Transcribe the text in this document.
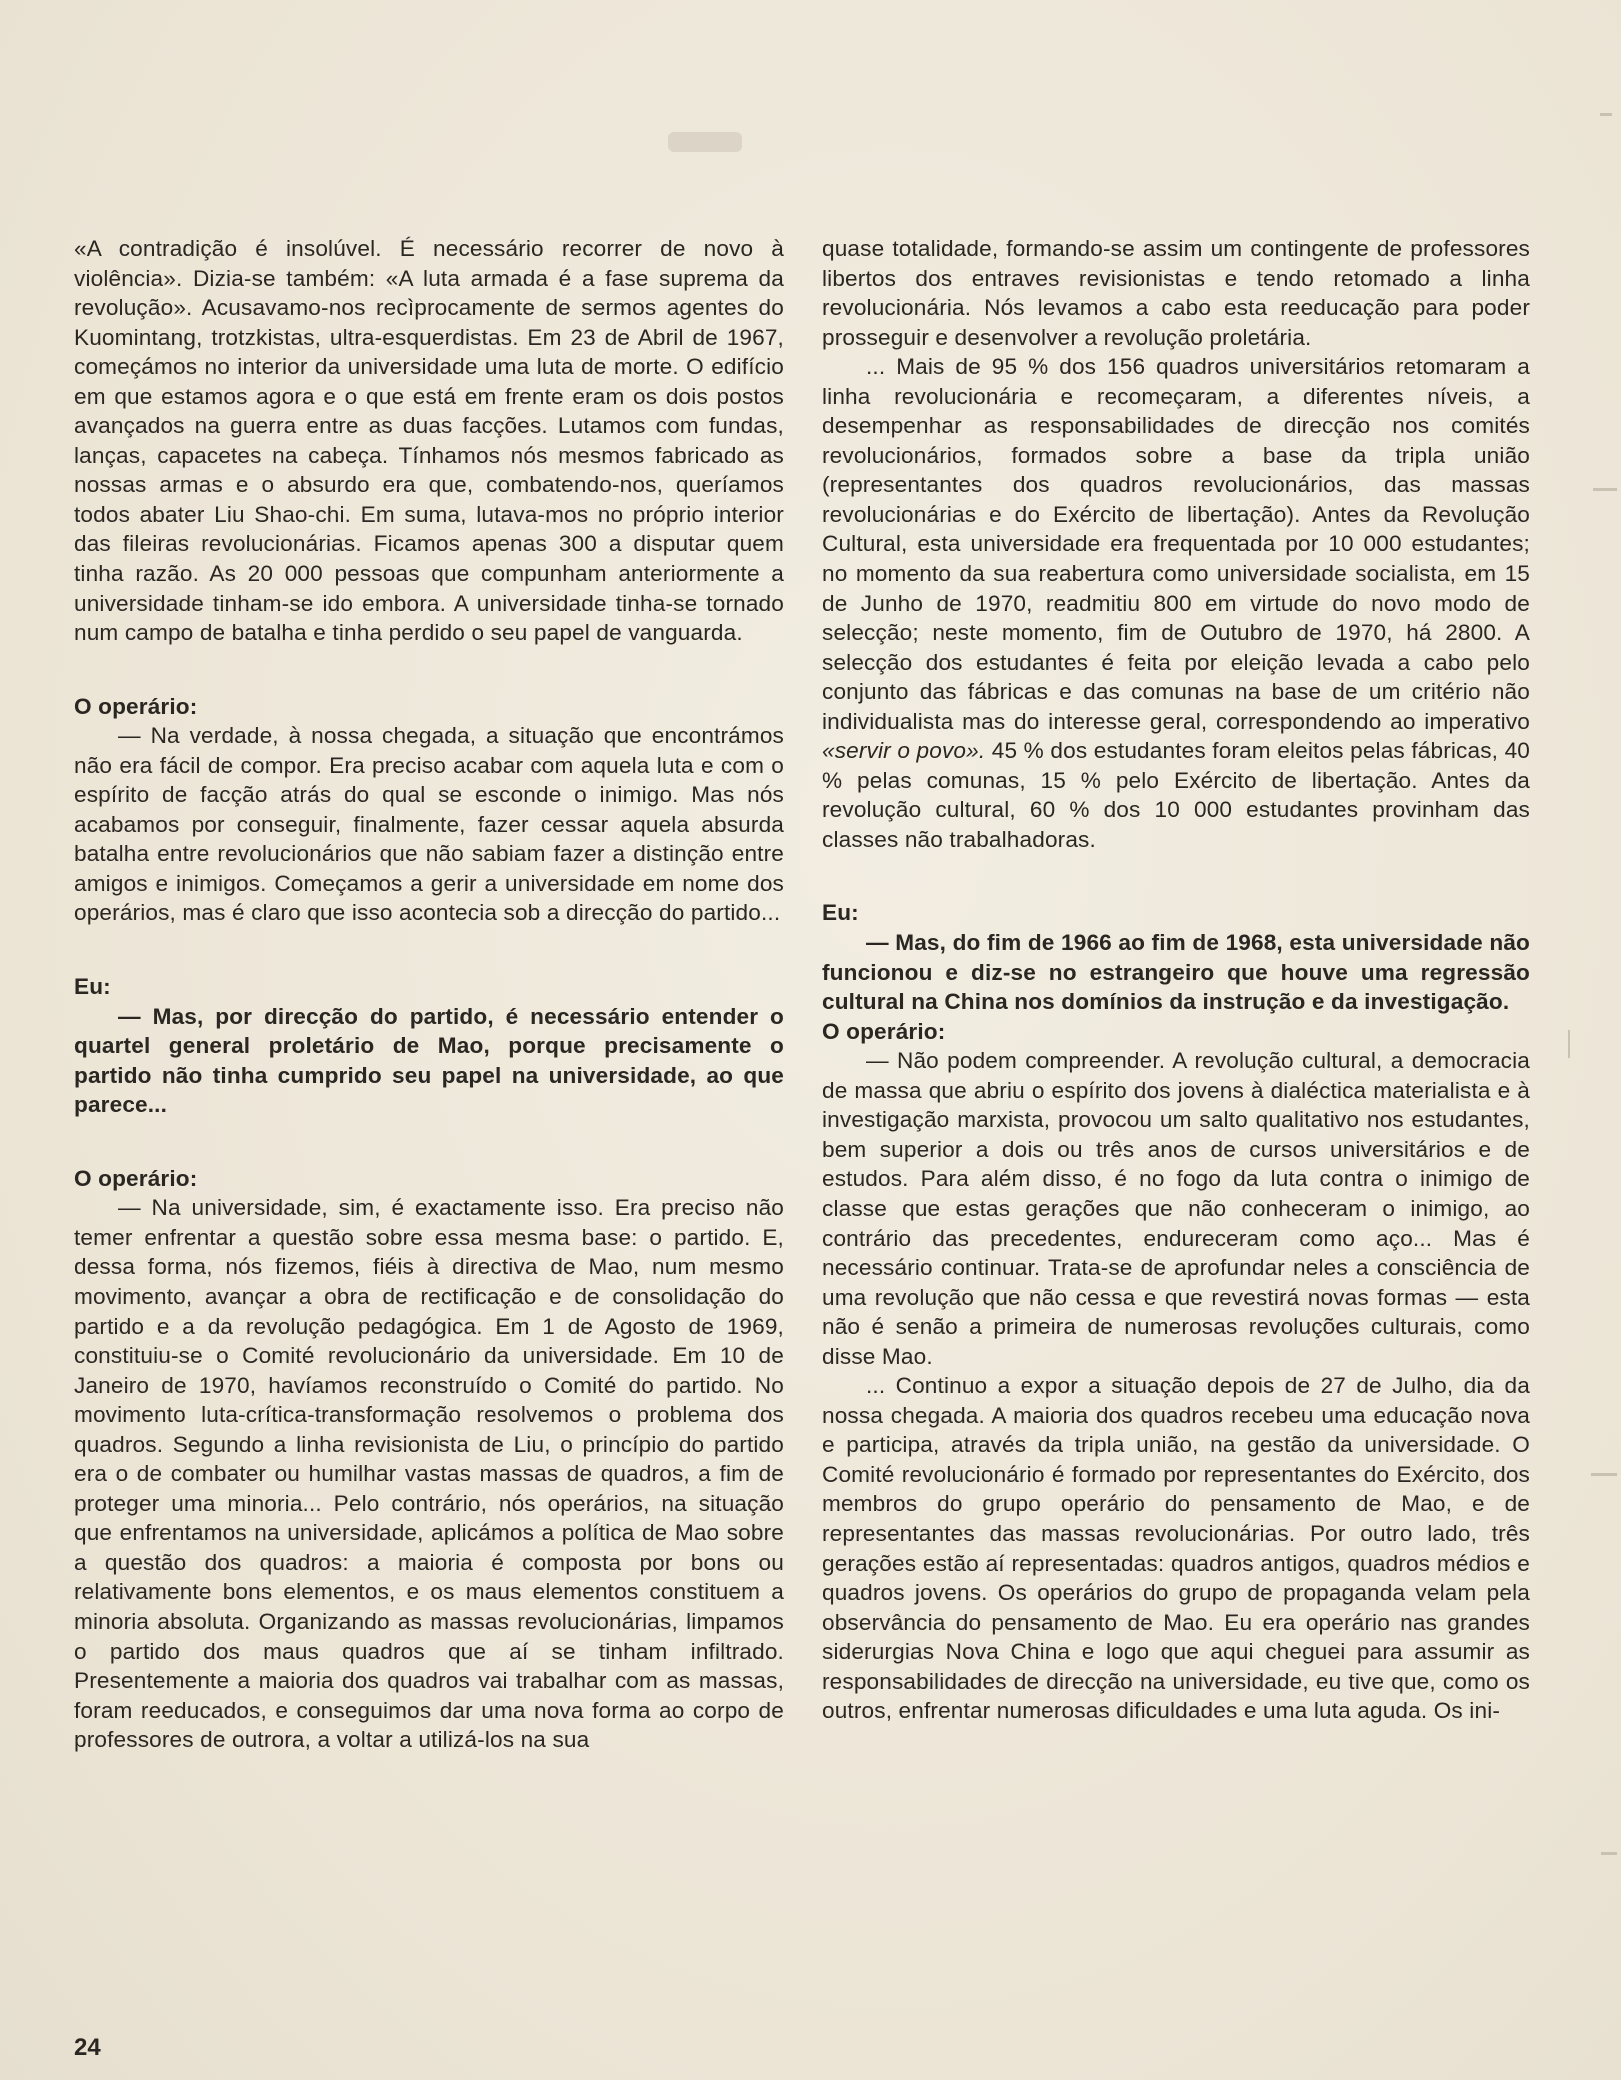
«A contradição é insolúvel. É necessário recorrer de novo à violência». Dizia-se também: «A luta armada é a fase suprema da revolução». Acusavamo-nos recìprocamente de sermos agentes do Kuomintang, trotzkistas, ultra-esquerdistas. Em 23 de Abril de 1967, começámos no interior da universidade uma luta de morte. O edifício em que estamos agora e o que está em frente eram os dois postos avançados na guerra entre as duas facções. Lutamos com fundas, lanças, capacetes na cabeça. Tínhamos nós mesmos fabricado as nossas armas e o absurdo era que, combatendo-nos, queríamos todos abater Liu Shao-chi. Em suma, lutava-mos no próprio interior das fileiras revolucionárias. Ficamos apenas 300 a disputar quem tinha razão. As 20 000 pessoas que compunham anteriormente a universidade tinham-se ido embora. A universidade tinha-se tornado num campo de batalha e tinha perdido o seu papel de vanguarda.

O operário:

— Na verdade, à nossa chegada, a situação que encontrámos não era fácil de compor. Era preciso acabar com aquela luta e com o espírito de facção atrás do qual se esconde o inimigo. Mas nós acabamos por conseguir, finalmente, fazer cessar aquela absurda batalha entre revolucionários que não sabiam fazer a distinção entre amigos e inimigos. Começamos a gerir a universidade em nome dos operários, mas é claro que isso acontecia sob a direcção do partido...

Eu:

— Mas, por direcção do partido, é necessário entender o quartel general proletário de Mao, porque precisamente o partido não tinha cumprido seu papel na universidade, ao que parece...

O operário:

— Na universidade, sim, é exactamente isso. Era preciso não temer enfrentar a questão sobre essa mesma base: o partido. E, dessa forma, nós fizemos, fiéis à directiva de Mao, num mesmo movimento, avançar a obra de rectificação e de consolidação do partido e a da revolução pedagógica. Em 1 de Agosto de 1969, constituiu-se o Comité revolucionário da universidade. Em 10 de Janeiro de 1970, havíamos reconstruído o Comité do partido. No movimento luta-crítica-transformação resolvemos o problema dos quadros. Segundo a linha revisionista de Liu, o princípio do partido era o de combater ou humilhar vastas massas de quadros, a fim de proteger uma minoria... Pelo contrário, nós operários, na situação que enfrentamos na universidade, aplicámos a política de Mao sobre a questão dos quadros: a maioria é composta por bons ou relativamente bons elementos, e os maus elementos constituem a minoria absoluta. Organizando as massas revolucionárias, limpamos o partido dos maus quadros que aí se tinham infiltrado. Presentemente a maioria dos quadros vai trabalhar com as massas, foram reeducados, e conseguimos dar uma nova forma ao corpo de professores de outrora, a voltar a utilizá-los na sua

quase totalidade, formando-se assim um contingente de professores libertos dos entraves revisionistas e tendo retomado a linha revolucionária. Nós levamos a cabo esta reeducação para poder prosseguir e desenvolver a revolução proletária.

... Mais de 95 % dos 156 quadros universitários retomaram a linha revolucionária e recomeçaram, a diferentes níveis, a desempenhar as responsabilidades de direcção nos comités revolucionários, formados sobre a base da tripla união (representantes dos quadros revolucionários, das massas revolucionárias e do Exército de libertação). Antes da Revolução Cultural, esta universidade era frequentada por 10 000 estudantes; no momento da sua reabertura como universidade socialista, em 15 de Junho de 1970, readmitiu 800 em virtude do novo modo de selecção; neste momento, fim de Outubro de 1970, há 2800. A selecção dos estudantes é feita por eleição levada a cabo pelo conjunto das fábricas e das comunas na base de um critério não individualista mas do interesse geral, correspondendo ao imperativo «servir o povo». 45 % dos estudantes foram eleitos pelas fábricas, 40 % pelas comunas, 15 % pelo Exército de libertação. Antes da revolução cultural, 60 % dos 10 000 estudantes provinham das classes não trabalhadoras.

Eu:

— Mas, do fim de 1966 ao fim de 1968, esta universidade não funcionou e diz-se no estrangeiro que houve uma regressão cultural na China nos domínios da instrução e da investigação.

O operário:

— Não podem compreender. A revolução cultural, a democracia de massa que abriu o espírito dos jovens à dialéctica materialista e à investigação marxista, provocou um salto qualitativo nos estudantes, bem superior a dois ou três anos de cursos universitários e de estudos. Para além disso, é no fogo da luta contra o inimigo de classe que estas gerações que não conheceram o inimigo, ao contrário das precedentes, endureceram como aço... Mas é necessário continuar. Trata-se de aprofundar neles a consciência de uma revolução que não cessa e que revestirá novas formas — esta não é senão a primeira de numerosas revoluções culturais, como disse Mao.

... Continuo a expor a situação depois de 27 de Julho, dia da nossa chegada. A maioria dos quadros recebeu uma educação nova e participa, através da tripla união, na gestão da universidade. O Comité revolucionário é formado por representantes do Exército, dos membros do grupo operário do pensamento de Mao, e de representantes das massas revolucionárias. Por outro lado, três gerações estão aí representadas: quadros antigos, quadros médios e quadros jovens. Os operários do grupo de propaganda velam pela observância do pensamento de Mao. Eu era operário nas grandes siderurgias Nova China e logo que aqui cheguei para assumir as responsabilidades de direcção na universidade, eu tive que, como os outros, enfrentar numerosas dificuldades e uma luta aguda. Os ini-

24
